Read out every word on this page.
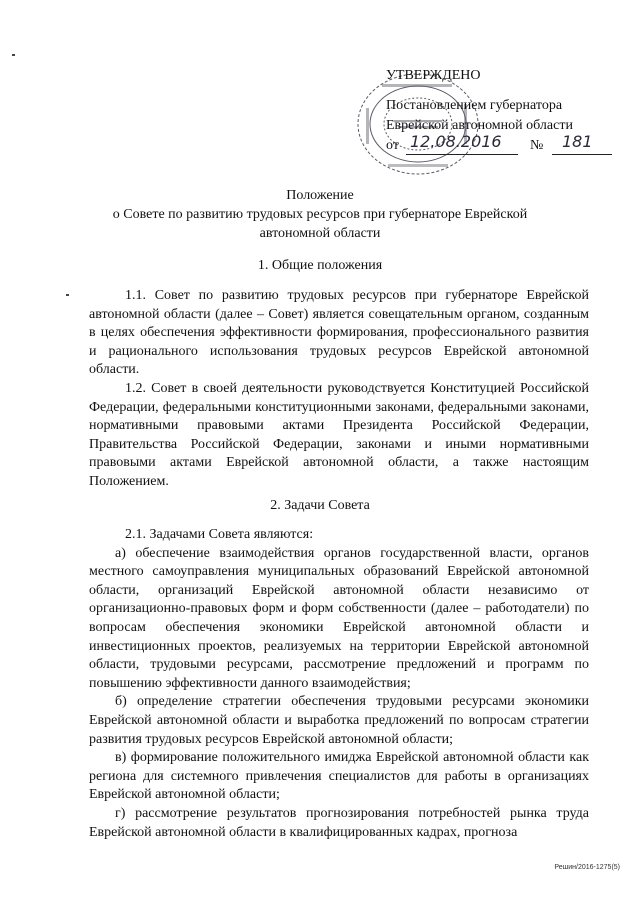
УТВЕРЖДЕНО
Постановлением губернатора
Еврейской автономной области
от 12.08.2016 № 181
Положение
о Совете по развитию трудовых ресурсов при губернаторе Еврейской
автономной области
1. Общие положения

1.1. Совет по развитию трудовых ресурсов при губернаторе Еврейской автономной области (далее – Совет) является совещательным органом, созданным в целях обеспечения эффективности формирования, профессионального развития и рационального использования трудовых ресурсов Еврейской автономной области.

1.2. Совет в своей деятельности руководствуется Конституцией Российской Федерации, федеральными конституционными законами, федеральными законами, нормативными правовыми актами Президента Российской Федерации, Правительства Российской Федерации, законами и иными нормативными правовыми актами Еврейской автономной области, а также настоящим Положением.

2. Задачи Совета

2.1. Задачами Совета являются:

а) обеспечение взаимодействия органов государственной власти, органов местного самоуправления муниципальных образований Еврейской автономной области, организаций Еврейской автономной области независимо от организационно-правовых форм и форм собственности (далее – работодатели) по вопросам обеспечения экономики Еврейской автономной области и инвестиционных проектов, реализуемых на территории Еврейской автономной области, трудовыми ресурсами, рассмотрение предложений и программ по повышению эффективности данного взаимодействия;

б) определение стратегии обеспечения трудовыми ресурсами экономики Еврейской автономной области и выработка предложений по вопросам стратегии развития трудовых ресурсов Еврейской автономной области;

в) формирование положительного имиджа Еврейской автономной области как региона для системного привлечения специалистов для работы в организациях Еврейской автономной области;

г) рассмотрение результатов прогнозирования потребностей рынка труда Еврейской автономной области в квалифицированных кадрах, прогноза

Решин/2016-1275(5)
